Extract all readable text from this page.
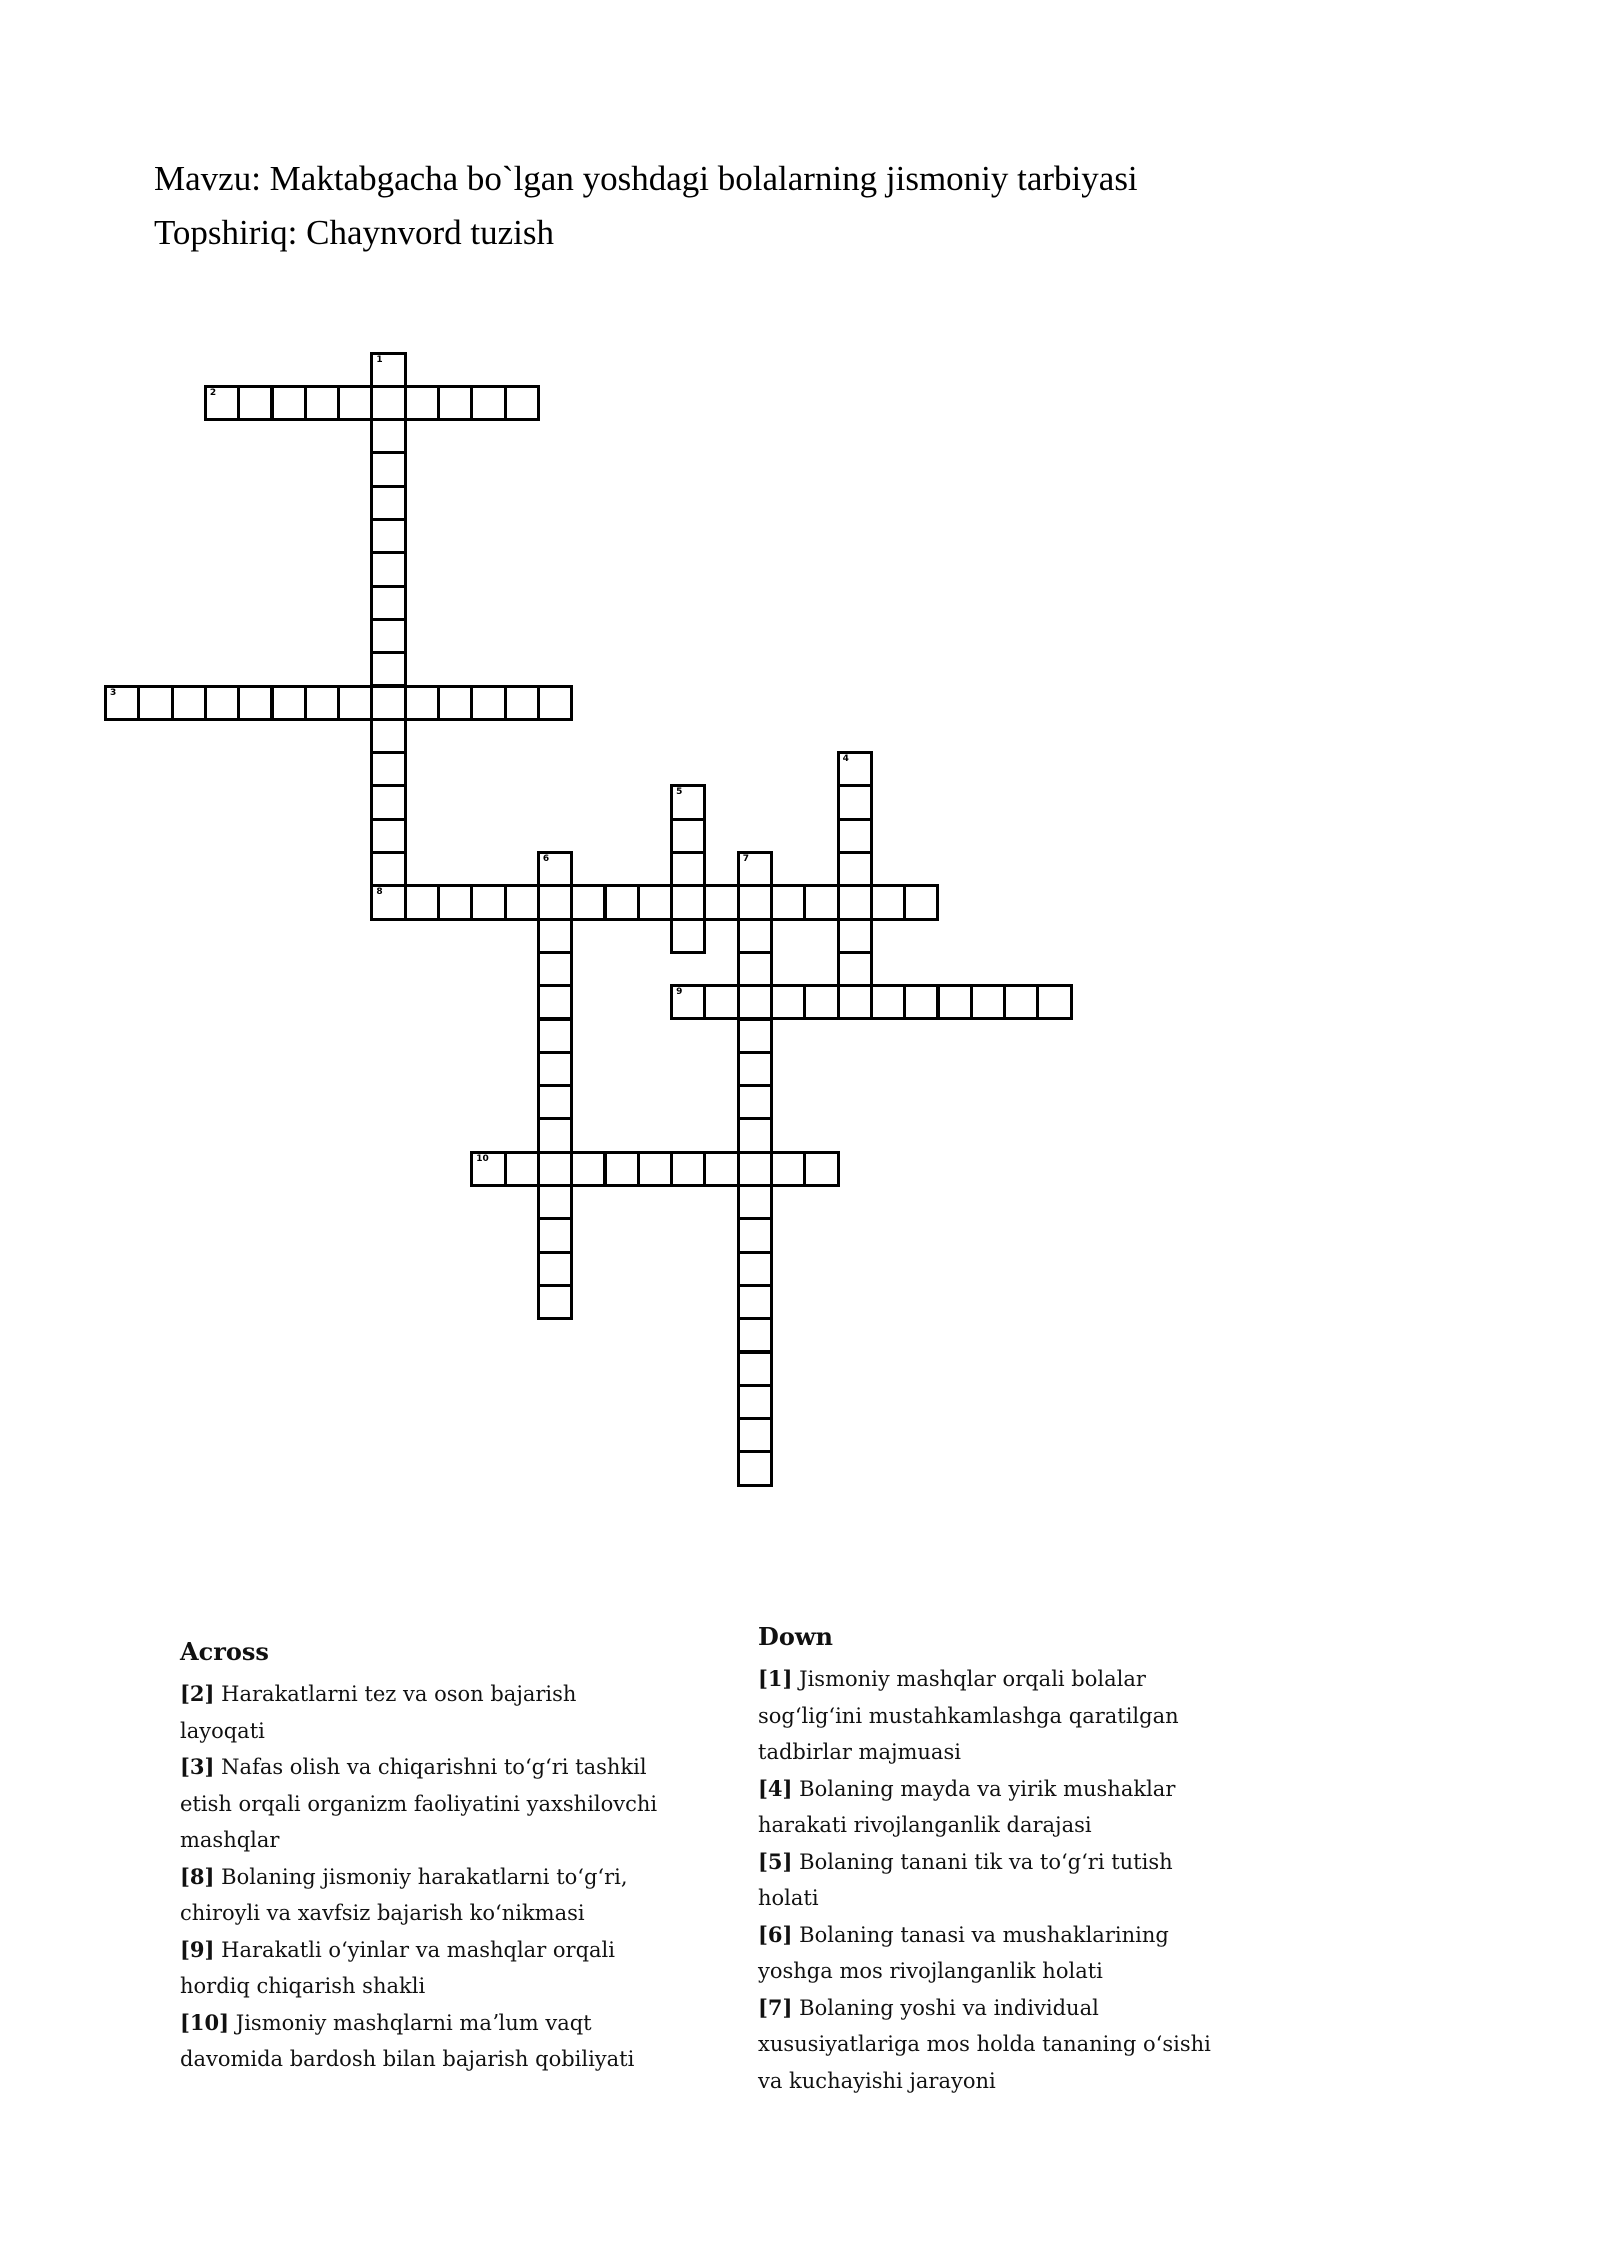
Mavzu: Maktabgacha bo`lgan yoshdagi bolalarning jismoniy tarbiyasi
Topshiriq: Chaynvord tuzish
1
2
3
4
5
6	7
8
9
10
Across
[2] Harakatlarni tez va oson bajarish layoqati
[3] Nafas olish va chiqarishni toʻgʻri tashkil etish orqali organizm faoliyatini yaxshilovchi mashqlar
[8] Bolaning jismoniy harakatlarni toʻgʻri, chiroyli va xavfsiz bajarish koʻnikmasi
[9] Harakatli oʻyinlar va mashqlar orqali hordiq chiqarish shakli
[10] Jismoniy mashqlarni maʼlum vaqt davomida bardosh bilan bajarish qobiliyati
Down
[1] Jismoniy mashqlar orqali bolalar sogʻligʻini mustahkamlashga qaratilgan tadbirlar majmuasi
[4] Bolaning mayda va yirik mushaklar harakati rivojlanganlik darajasi
[5] Bolaning tanani tik va toʻgʻri tutish holati
[6] Bolaning tanasi va mushaklarining yoshga mos rivojlanganlik holati
[7] Bolaning yoshi va individual xususiyatlariga mos holda tananing oʻsishi va kuchayishi jarayoni
